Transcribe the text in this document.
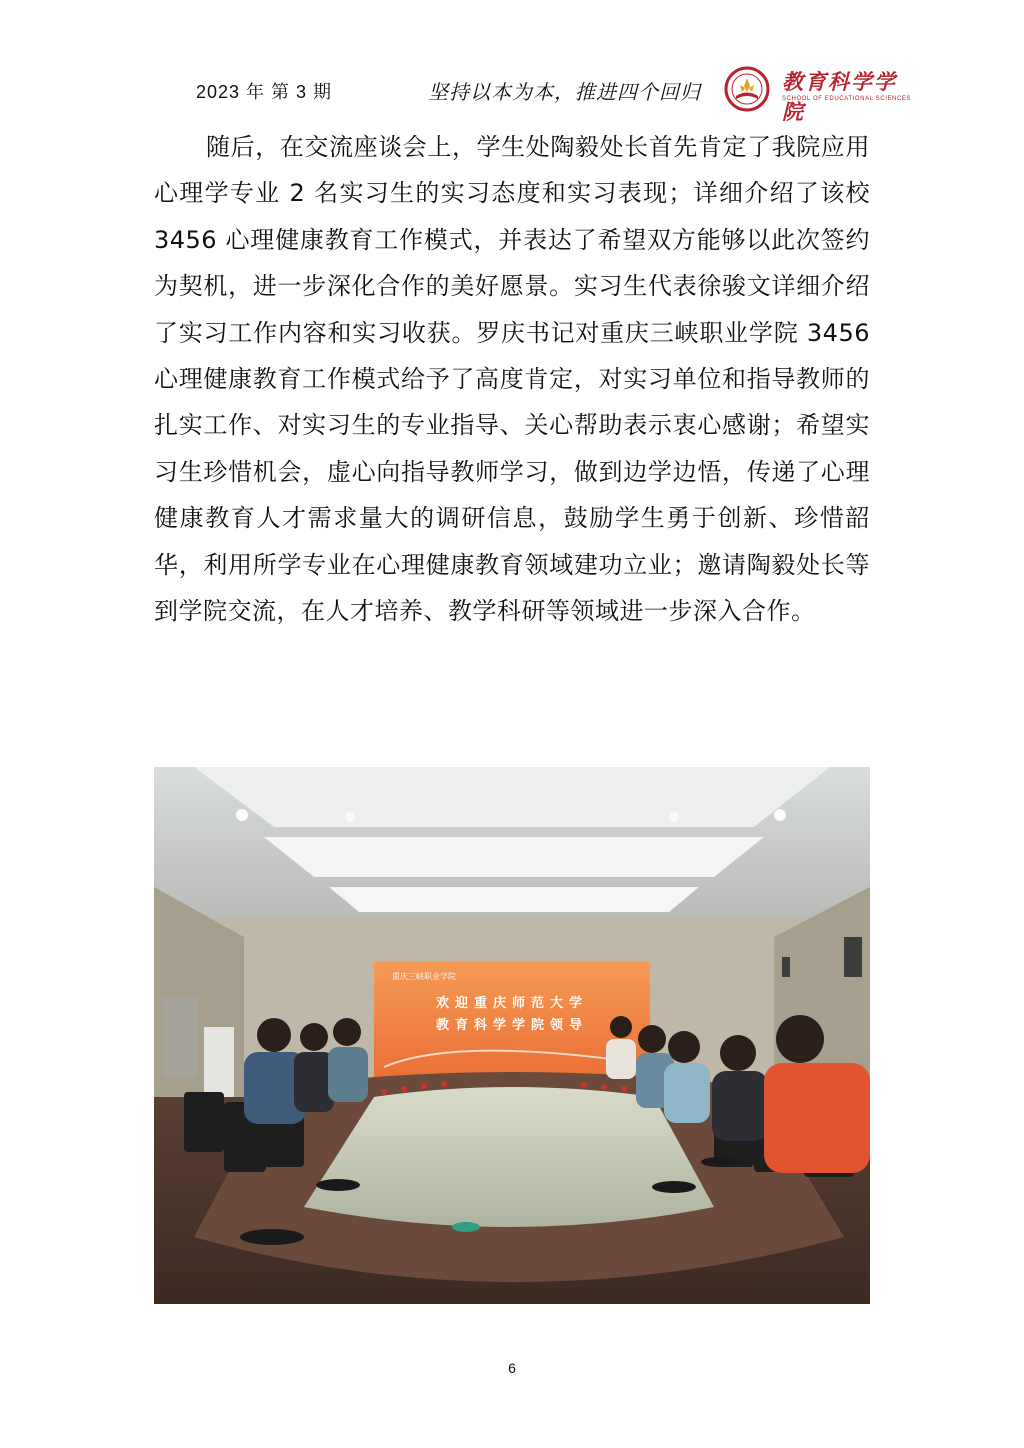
2023 年 第 3 期	坚持以本为本，推进四个回归	教育科学学院
SCHOOL OF EDUCATIONAL SCIENCES
随后，在交流座谈会上，学生处陶毅处长首先肯定了我院应用心理学专业 2 名实习生的实习态度和实习表现；详细介绍了该校 3456 心理健康教育工作模式，并表达了希望双方能够以此次签约为契机，进一步深化合作的美好愿景。实习生代表徐骏文详细介绍了实习工作内容和实习收获。罗庆书记对重庆三峡职业学院 3456 心理健康教育工作模式给予了高度肯定，对实习单位和指导教师的扎实工作、对实习生的专业指导、关心帮助表示衷心感谢；希望实习生珍惜机会，虚心向指导教师学习，做到边学边悟，传递了心理健康教育人才需求量大的调研信息，鼓励学生勇于创新、珍惜韶华，利用所学专业在心理健康教育领域建功立业；邀请陶毅处长等到学院交流，在人才培养、教学科研等领域进一步深入合作。
重庆三峡职业学院
欢迎重庆师范大学
教育科学学院领导
6
